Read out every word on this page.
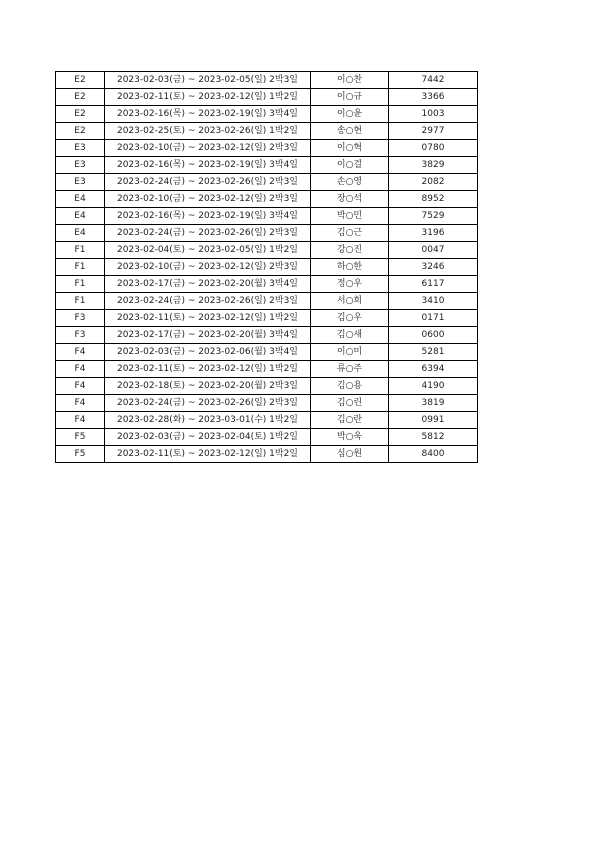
E2	2023-02-03(금) ~ 2023-02-05(일) 2박3일	이○찬	7442
E2	2023-02-11(토) ~ 2023-02-12(일) 1박2일	이○규	3366
E2	2023-02-16(목) ~ 2023-02-19(일) 3박4일	이○윤	1003
E2	2023-02-25(토) ~ 2023-02-26(일) 1박2일	송○현	2977
E3	2023-02-10(금) ~ 2023-02-12(일) 2박3일	이○혁	0780
E3	2023-02-16(목) ~ 2023-02-19(일) 3박4일	이○걸	3829
E3	2023-02-24(금) ~ 2023-02-26(일) 2박3일	손○영	2082
E4	2023-02-10(금) ~ 2023-02-12(일) 2박3일	장○석	8952
E4	2023-02-16(목) ~ 2023-02-19(일) 3박4일	박○민	7529
E4	2023-02-24(금) ~ 2023-02-26(일) 2박3일	김○근	3196
F1	2023-02-04(토) ~ 2023-02-05(일) 1박2일	강○진	0047
F1	2023-02-10(금) ~ 2023-02-12(일) 2박3일	하○한	3246
F1	2023-02-17(금) ~ 2023-02-20(월) 3박4일	정○우	6117
F1	2023-02-24(금) ~ 2023-02-26(일) 2박3일	서○희	3410
F3	2023-02-11(토) ~ 2023-02-12(일) 1박2일	김○우	0171
F3	2023-02-17(금) ~ 2023-02-20(월) 3박4일	김○새	0600
F4	2023-02-03(금) ~ 2023-02-06(월) 3박4일	이○미	5281
F4	2023-02-11(토) ~ 2023-02-12(일) 1박2일	류○주	6394
F4	2023-02-18(토) ~ 2023-02-20(월) 2박3일	김○용	4190
F4	2023-02-24(금) ~ 2023-02-26(일) 2박3일	김○린	3819
F4	2023-02-28(화) ~ 2023-03-01(수) 1박2일	김○란	0991
F5	2023-02-03(금) ~ 2023-02-04(토) 1박2일	박○욱	5812
F5	2023-02-11(토) ~ 2023-02-12(일) 1박2일	심○원	8400
